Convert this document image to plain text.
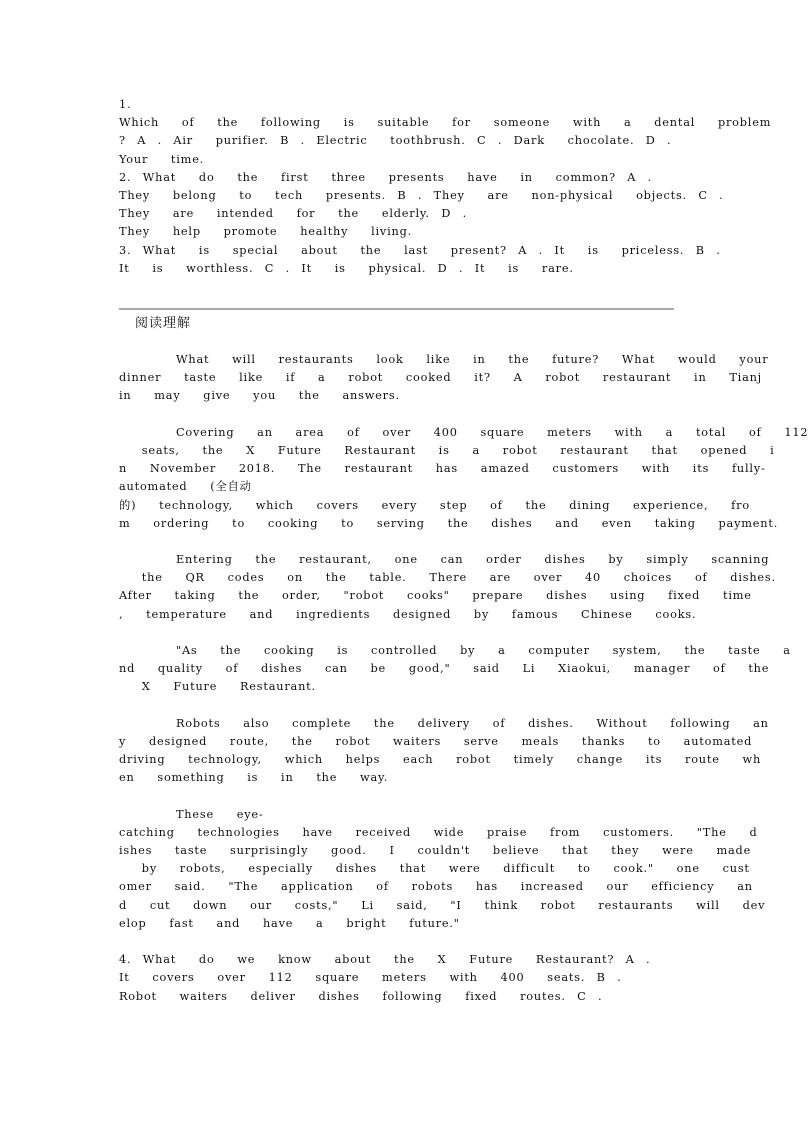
1.
Which  of  the  following  is  suitable  for  someone  with  a  dental  problem
? A . Air  purifier. B . Electric  toothbrush. C . Dark  chocolate. D .
Your  time.
2. What  do  the  first  three  presents  have  in  common? A .
They  belong  to  tech  presents. B . They  are  non-physical  objects. C .
They  are  intended  for  the  elderly. D .
They  help  promote  healthy  living.
3. What  is  special  about  the  last  present? A . It  is  priceless. B .
It  is  worthless. C . It  is  physical. D . It  is  rare.
阅读理解
What  will  restaurants  look  like  in  the  future?  What  would  your
dinner  taste  like  if  a  robot  cooked  it?  A  robot  restaurant  in  Tianj
in  may  give  you  the  answers.
Covering  an  area  of  over  400  square  meters  with  a  total  of  112
seats,  the  X  Future  Restaurant  is  a  robot  restaurant  that  opened  i
n  November  2018.  The  restaurant  has  amazed  customers  with  its  fully-
automated  (全自动
的)  technology,  which  covers  every  step  of  the  dining  experience,  fro
m  ordering  to  cooking  to  serving  the  dishes  and  even  taking  payment.
Entering  the  restaurant,  one  can  order  dishes  by  simply  scanning
the  QR  codes  on  the  table.  There  are  over  40  choices  of  dishes.
After  taking  the  order,  "robot  cooks"  prepare  dishes  using  fixed  time
,  temperature  and  ingredients  designed  by  famous  Chinese  cooks.
"As  the  cooking  is  controlled  by  a  computer  system,  the  taste  a
nd  quality  of  dishes  can  be  good,"  said  Li  Xiaokui,  manager  of  the
X  Future  Restaurant.
Robots  also  complete  the  delivery  of  dishes.  Without  following  an
y  designed  route,  the  robot  waiters  serve  meals  thanks  to  automated
driving  technology,  which  helps  each  robot  timely  change  its  route  wh
en  something  is  in  the  way.
These  eye-
catching  technologies  have  received  wide  praise  from  customers.  "The  d
ishes  taste  surprisingly  good.  I  couldn't  believe  that  they  were  made
by  robots,  especially  dishes  that  were  difficult  to  cook."  one  cust
omer  said.  "The  application  of  robots  has  increased  our  efficiency  an
d  cut  down  our  costs,"  Li  said,  "I  think  robot  restaurants  will  dev
elop  fast  and  have  a  bright  future."
4. What  do  we  know  about  the  X  Future  Restaurant? A .
It  covers  over  112  square  meters  with  400  seats. B .
Robot  waiters  deliver  dishes  following  fixed  routes. C .
